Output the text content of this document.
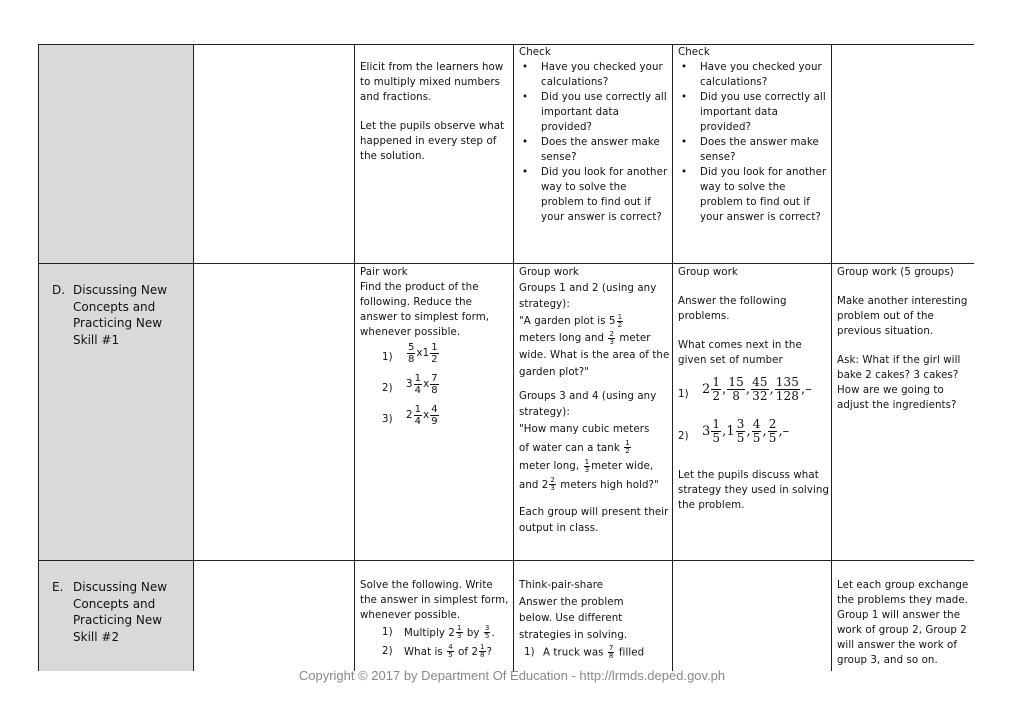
Elicit from the learners how to multiply mixed numbers and fractions.

Let the pupils observe what happened in every step of the solution.

Check

• Have you checked your calculations?
• Did you use correctly all important data provided?
• Does the answer make sense?
• Did you look for another way to solve the problem to find out if your answer is correct?

Check

• Have you checked your calculations?
• Did you use correctly all important data provided?
• Does the answer make sense?
• Did you look for another way to solve the problem to find out if your answer is correct?
D. Discussing New Concepts and Practicing New Skill #1

Pair work

Find the product of the following. Reduce the answer to simplest form, whenever possible.

$1) \frac{5}{8} x1 \frac{1}{2}$
2) $3 \frac{1}{4}$ x $\frac{7}{8}$
3) $2 \frac{1}{4}$ x $\frac{4}{9}$

Group work

Groups 1 and 2 (using any strategy):

"A garden plot is $5 \frac{1}{2}$

meters long and $\frac{2}{3}$ meter
wide. What is the area of the garden plot?"

Groups 3 and 4 (using any strategy):

"How many cubic meters
of water can a tank $\frac{1}{2}$

meter long, $\frac{1}{3}$ meter wide,
and $2 \frac{2}{3}$ meters high hold?"

Each group will present their output in class.

Group work

Answer the following problems.

What comes next in the given set of number

1) $2 \frac{1}{2}$ , $\frac{15}{8}$ , $\frac{45}{32}$ , $\frac{135}{128}$ ,–
2) $3 \frac{1}{5} ,1 \frac{3}{5}$ , $\frac{4}{5}$ , $\frac{2}{5}$ ,–

Let the pupils discuss what strategy they used in solving the problem.

Group work (5 groups)

Make another interesting problem out of the previous situation.

Ask: What if the girl will bake 2 cakes? 3 cakes? How are we going to adjust the ingredients?

E. Discussing New Concepts and Practicing New Skill #2

Solve the following. Write the answer in simplest form, whenever possible.

1) Multiply $2 \frac{1}{3}$ by $\frac{3}{5}$ .
2) What is $\frac{4}{5}$ of $2 \frac{1}{8}$ ?

Think-pair-share

Answer the problem below. Use different strategies in solving.

1) A truck was $\frac{7}{8}$ filled

Let each group exchange the problems they made. Group 1 will answer the work of group 2, Group 2 will answer the work of group 3, and so on.

Copyright © 2017 by Department Of Education - http://lrmds.deped.gov.ph
